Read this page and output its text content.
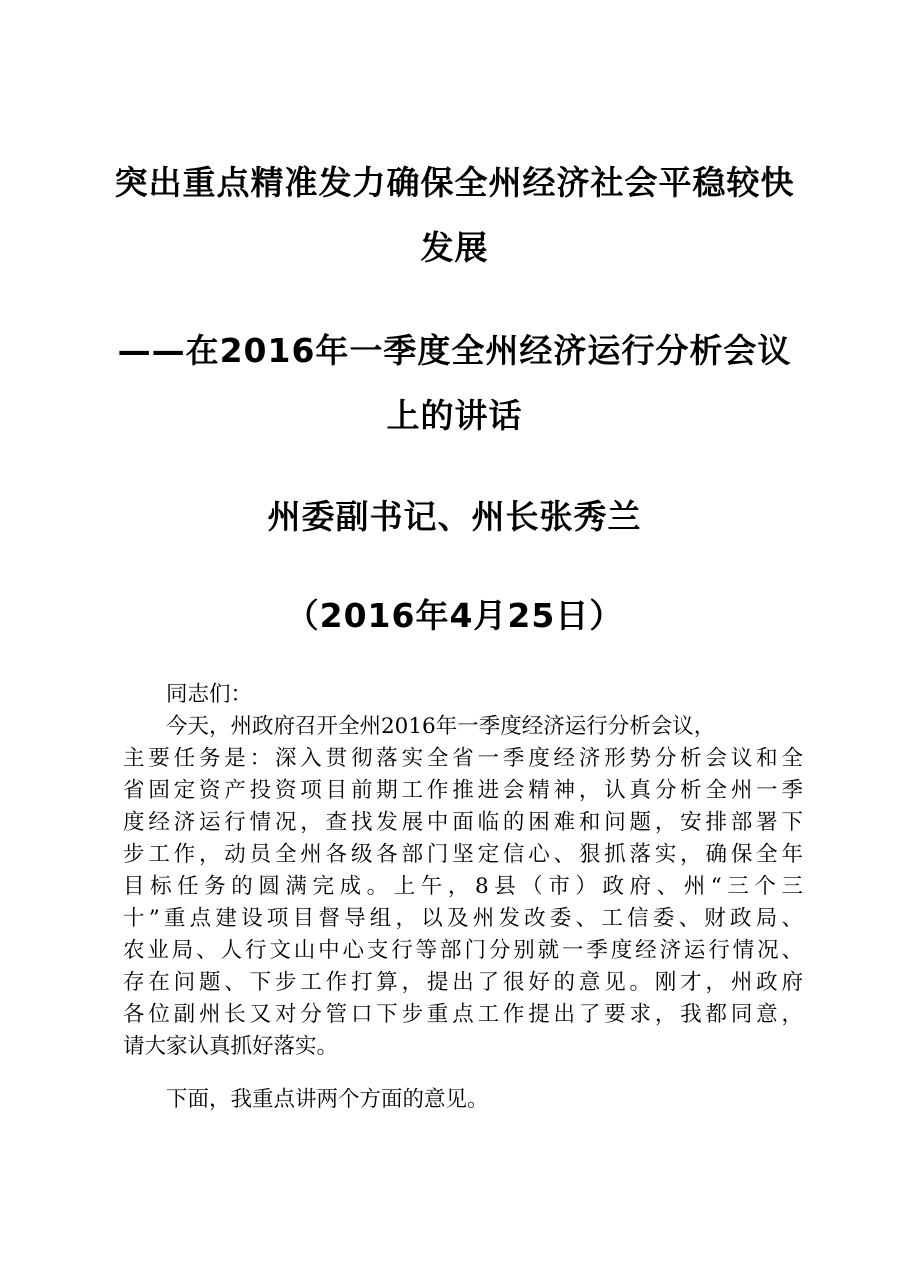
突出重点精准发力确保全州经济社会平稳较快
发展
——在2016年一季度全州经济运行分析会议
上的讲话
州委副书记、州长张秀兰
（2016年4月25日）
同志们：
今天，州政府召开全州2016年一季度经济运行分析会议，
主要任务是：深入贯彻落实全省一季度经济形势分析会议和全
省固定资产投资项目前期工作推进会精神，认真分析全州一季
度经济运行情况，查找发展中面临的困难和问题，安排部署下
步工作，动员全州各级各部门坚定信心、狠抓落实，确保全年
目标任务的圆满完成。上午，8县（市）政府、州“三个三
十”重点建设项目督导组，以及州发改委、工信委、财政局、
农业局、人行文山中心支行等部门分别就一季度经济运行情况、
存在问题、下步工作打算，提出了很好的意见。刚才，州政府
各位副州长又对分管口下步重点工作提出了要求，我都同意，
请大家认真抓好落实。
下面，我重点讲两个方面的意见。
